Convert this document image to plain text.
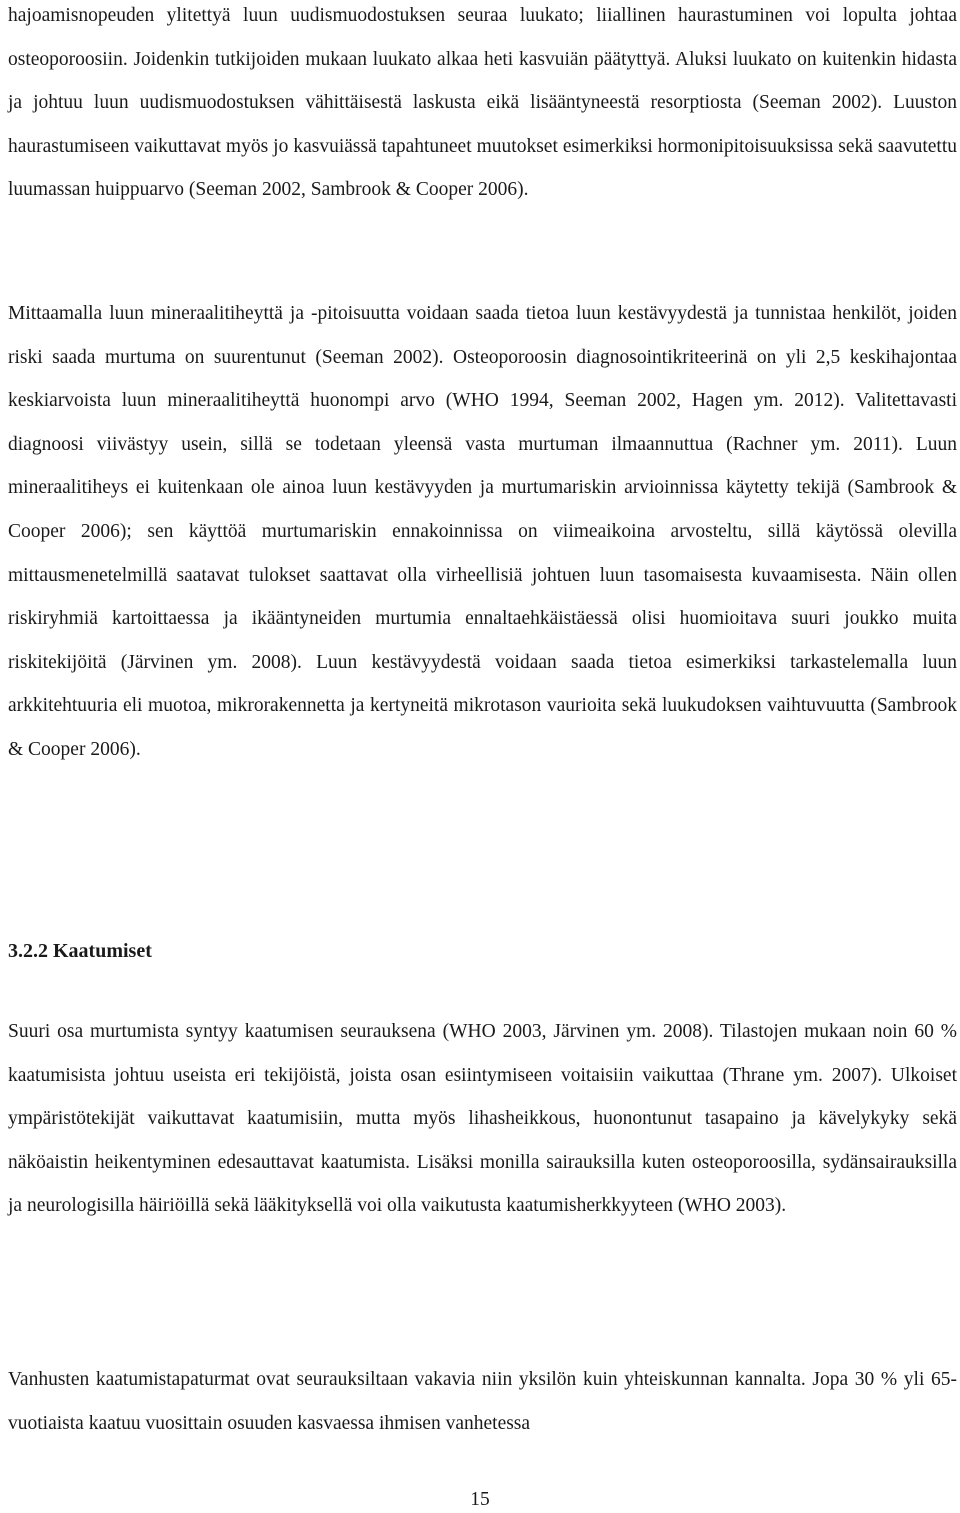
hajoamisnopeuden ylitettyä luun uudismuodostuksen seuraa luukato; liiallinen haurastuminen voi lopulta johtaa osteoporoosiin. Joidenkin tutkijoiden mukaan luukato alkaa heti kasvuiän päätyttyä. Aluksi luukato on kuitenkin hidasta ja johtuu luun uudismuodostuksen vähittäisestä laskusta eikä lisääntyneestä resorptiosta (Seeman 2002). Luuston haurastumiseen vaikuttavat myös jo kasvuiässä tapahtuneet muutokset esimerkiksi hormonipitoisuuksissa sekä saavutettu luumassan huippuarvo (Seeman 2002, Sambrook & Cooper 2006).

Mittaamalla luun mineraalitiheyttä ja -pitoisuutta voidaan saada tietoa luun kestävyydestä ja tunnistaa henkilöt, joiden riski saada murtuma on suurentunut (Seeman 2002). Osteoporoosin diagnosointikriteerinä on yli 2,5 keskihajontaa keskiarvoista luun mineraalitiheyttä huonompi arvo (WHO 1994, Seeman 2002, Hagen ym. 2012). Valitettavasti diagnoosi viivästyy usein, sillä se todetaan yleensä vasta murtuman ilmaannuttua (Rachner ym. 2011). Luun mineraalitiheys ei kuitenkaan ole ainoa luun kestävyyden ja murtumariskin arvioinnissa käytetty tekijä (Sambrook & Cooper 2006); sen käyttöä murtumariskin ennakoinnissa on viimeaikoina arvosteltu, sillä käytössä olevilla mittausmenetelmillä saatavat tulokset saattavat olla virheellisiä johtuen luun tasomaisesta kuvaamisesta. Näin ollen riskiryhmiä kartoittaessa ja ikääntyneiden murtumia ennaltaehkäistäessä olisi huomioitava suuri joukko muita riskitekijöitä (Järvinen ym. 2008). Luun kestävyydestä voidaan saada tietoa esimerkiksi tarkastelemalla luun arkkitehtuuria eli muotoa, mikrorakennetta ja kertyneitä mikrotason vaurioita sekä luukudoksen vaihtuvuutta (Sambrook & Cooper 2006).

3.2.2 Kaatumiset

Suuri osa murtumista syntyy kaatumisen seurauksena (WHO 2003, Järvinen ym. 2008). Tilastojen mukaan noin 60 % kaatumisista johtuu useista eri tekijöistä, joista osan esiintymiseen voitaisiin vaikuttaa (Thrane ym. 2007). Ulkoiset ympäristötekijät vaikuttavat kaatumisiin, mutta myös lihasheikkous, huonontunut tasapaino ja kävelykyky sekä näköaistin heikentyminen edesauttavat kaatumista. Lisäksi monilla sairauksilla kuten osteoporoosilla, sydänsairauksilla ja neurologisilla häiriöillä sekä lääkityksellä voi olla vaikutusta kaatumisherkkyyteen (WHO 2003).

Vanhusten kaatumistapaturmat ovat seurauksiltaan vakavia niin yksilön kuin yhteiskunnan kannalta. Jopa 30 % yli 65-vuotiaista kaatuu vuosittain osuuden kasvaessa ihmisen vanhetessa

15
